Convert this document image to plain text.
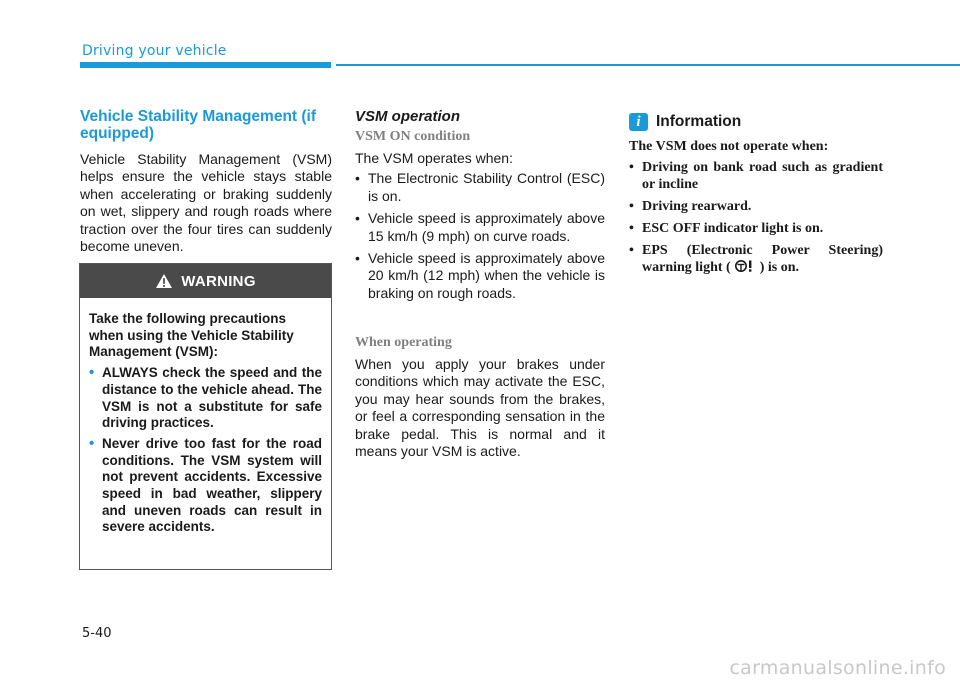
Driving your vehicle
Vehicle Stability Management (if equipped)
Vehicle Stability Management (VSM) helps ensure the vehicle stays stable when accelerating or braking suddenly on wet, slippery and rough roads where traction over the four tires can suddenly become uneven.
WARNING

Take the following precautions when using the Vehicle Stability Management (VSM):

• ALWAYS check the speed and the distance to the vehicle ahead. The VSM is not a substitute for safe driving practices.
• Never drive too fast for the road conditions. The VSM system will not prevent accidents. Excessive speed in bad weather, slippery and uneven roads can result in severe accidents.
VSM operation
VSM ON condition

The VSM operates when:

• The Electronic Stability Control (ESC) is on.
• Vehicle speed is approximately above 15 km/h (9 mph) on curve roads.
• Vehicle speed is approximately above 20 km/h (12 mph) when the vehicle is braking on rough roads.
When operating

When you apply your brakes under conditions which may activate the ESC, you may hear sounds from the brakes, or feel a corresponding sensation in the brake pedal. This is normal and it means your VSM is active.

i Information

The VSM does not operate when:

• Driving on bank road such as gradient or incline
• Driving rearward.
• ESC OFF indicator light is on.
• EPS (Electronic Power Steering) warning light ( ) is on.
5-40
carmanualsonline.info
